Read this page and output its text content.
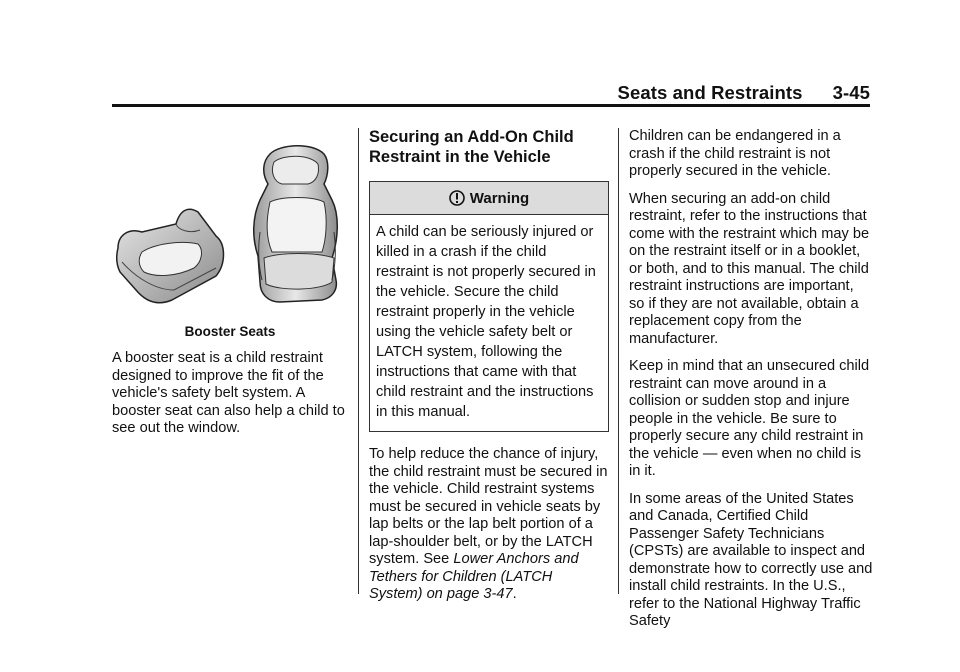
Seats and Restraints 3-45
Booster Seats

A booster seat is a child restraint designed to improve the fit of the vehicle's safety belt system. A booster seat can also help a child to see out the window.

Securing an Add-On Child Restraint in the Vehicle
Warning
A child can be seriously injured or killed in a crash if the child restraint is not properly secured in the vehicle. Secure the child restraint properly in the vehicle using the vehicle safety belt or LATCH system, following the instructions that came with that child restraint and the instructions in this manual.

To help reduce the chance of injury, the child restraint must be secured in the vehicle. Child restraint systems must be secured in vehicle seats by lap belts or the lap belt portion of a lap-shoulder belt, or by the LATCH system. See Lower Anchors and Tethers for Children (LATCH System) on page 3-47.

Children can be endangered in a crash if the child restraint is not properly secured in the vehicle.

When securing an add-on child restraint, refer to the instructions that come with the restraint which may be on the restraint itself or in a booklet, or both, and to this manual. The child restraint instructions are important, so if they are not available, obtain a replacement copy from the manufacturer.

Keep in mind that an unsecured child restraint can move around in a collision or sudden stop and injure people in the vehicle. Be sure to properly secure any child restraint in the vehicle — even when no child is in it.

In some areas of the United States and Canada, Certified Child Passenger Safety Technicians (CPSTs) are available to inspect and demonstrate how to correctly use and install child restraints. In the U.S., refer to the National Highway Traffic Safety
